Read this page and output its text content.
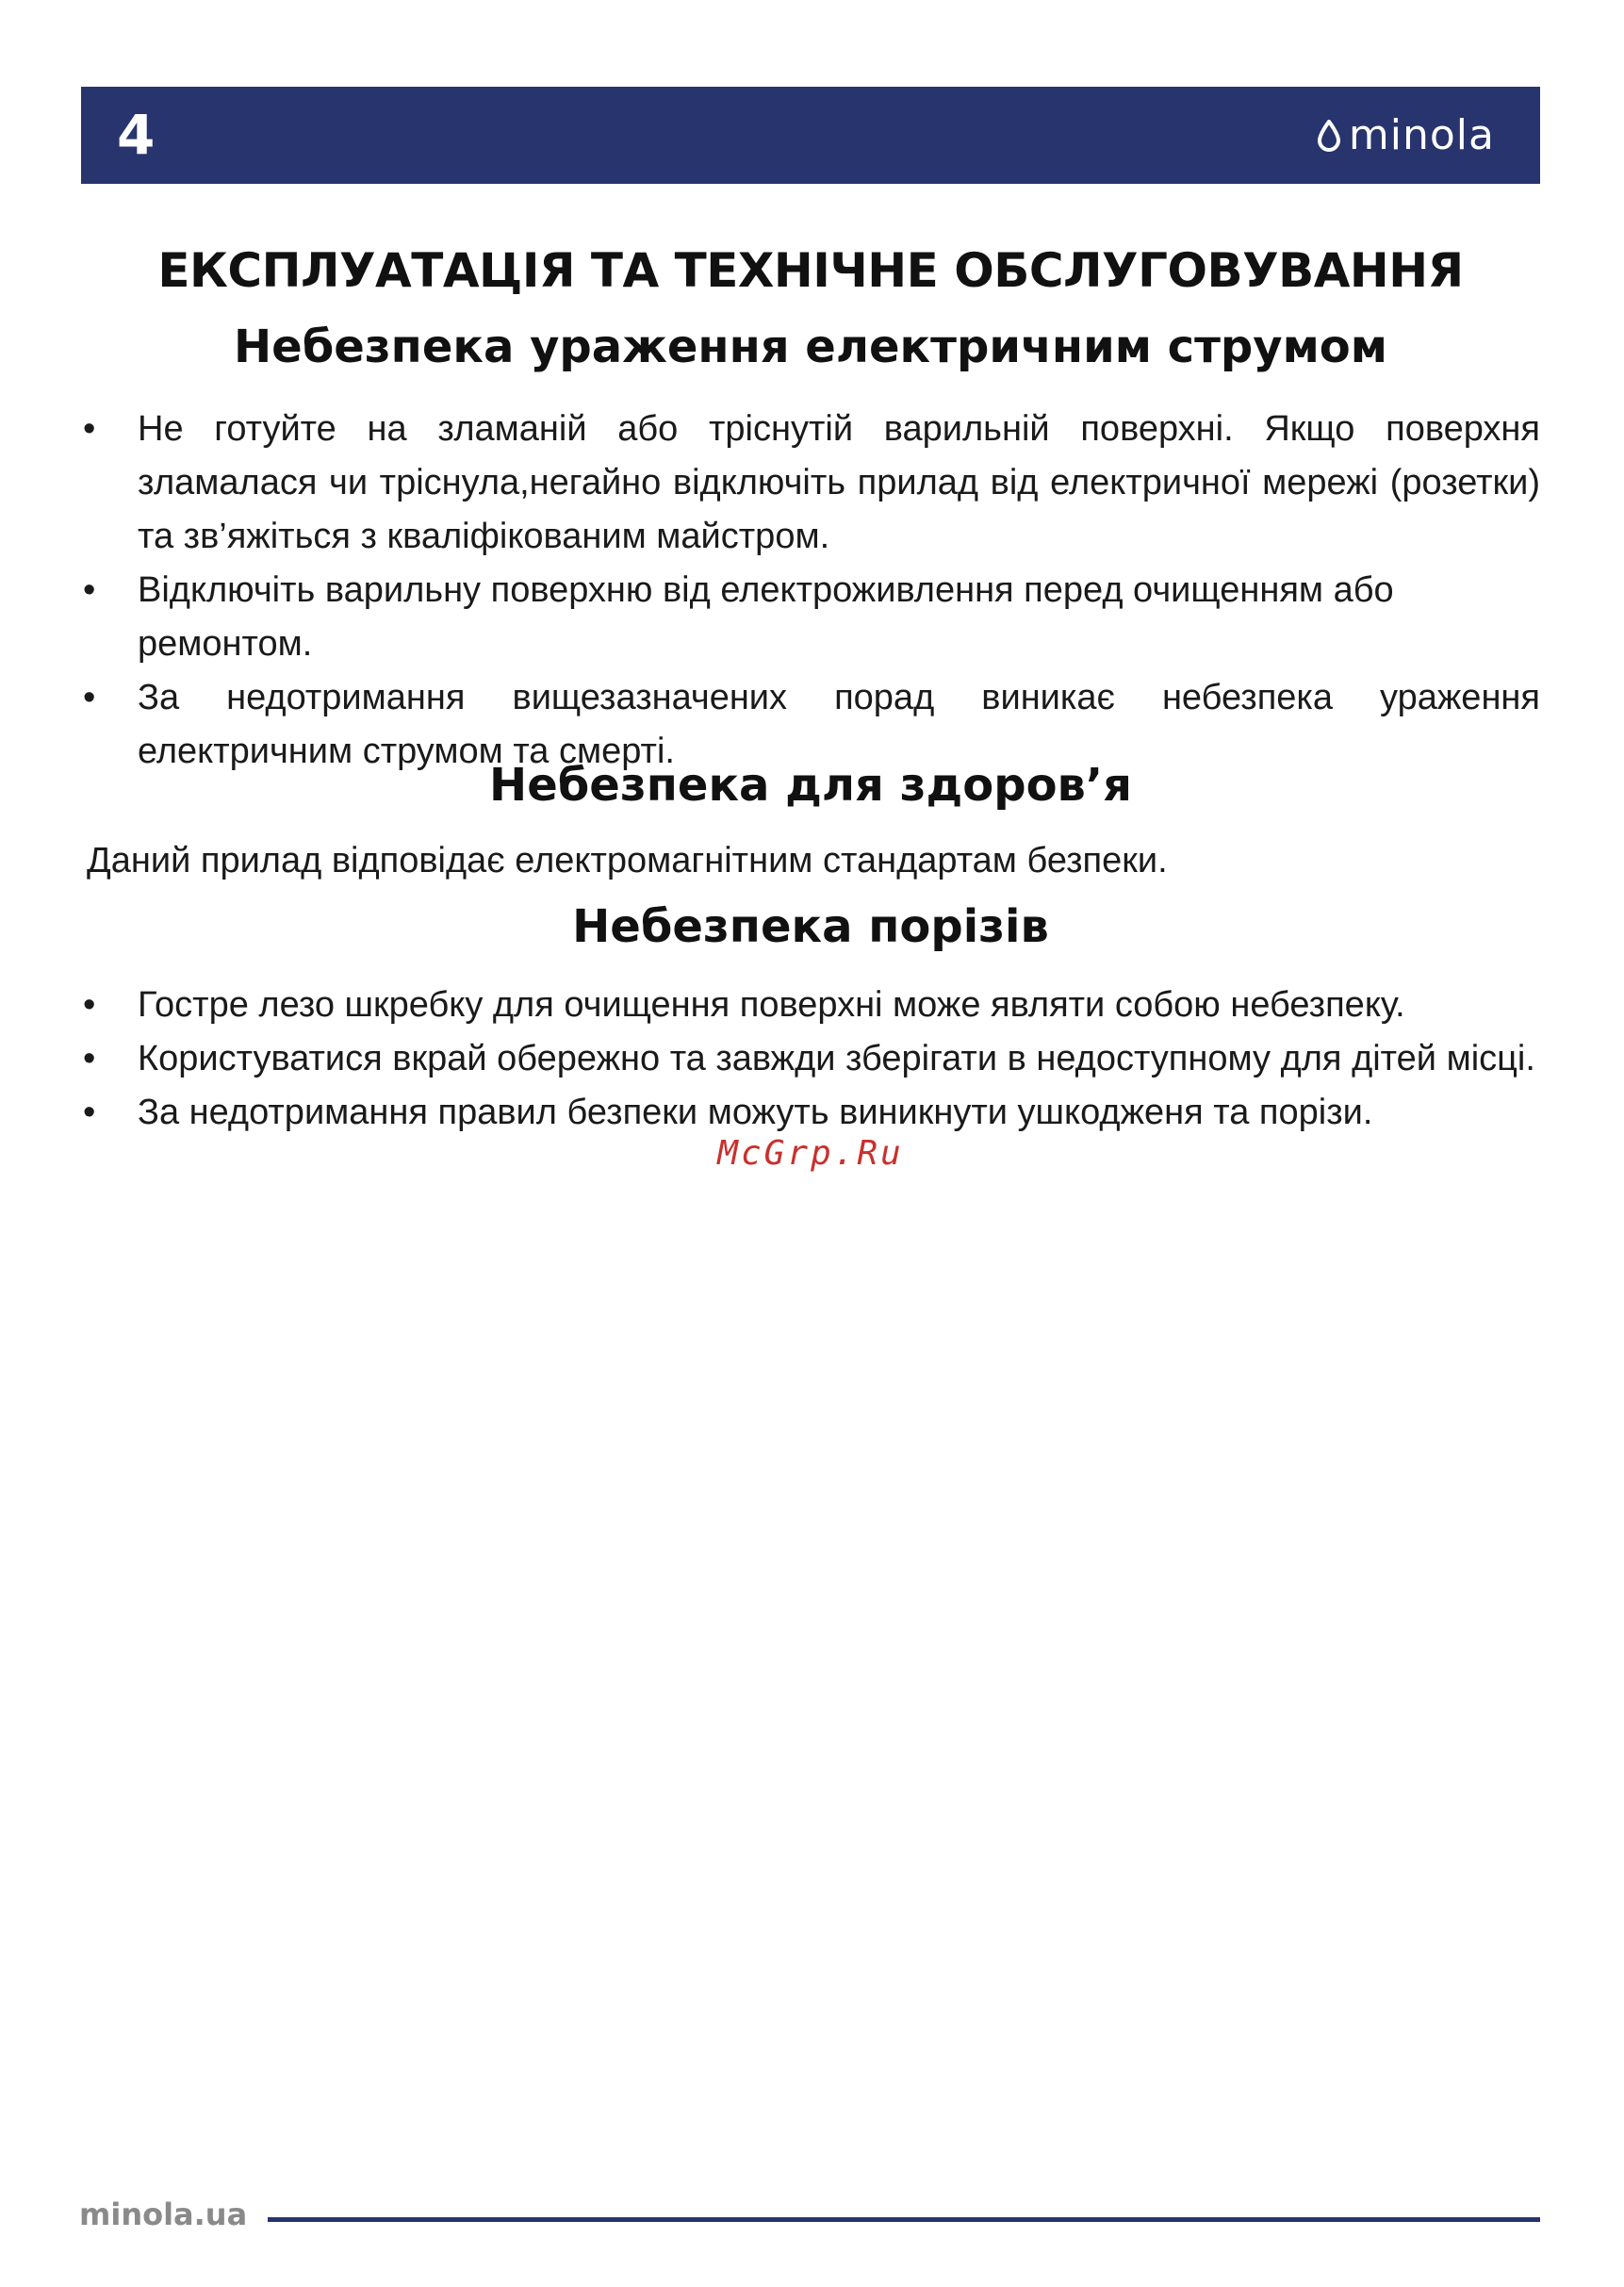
4	minola
ЕКСПЛУАТАЦІЯ ТА ТЕХНІЧНЕ ОБСЛУГОВУВАННЯ
Небезпека ураження електричним струмом
• Не готуйте на зламаній або тріснутій варильній поверхні. Якщо поверхня зламалася чи тріснула,негайно відключіть прилад від електричної мережі (розетки) та зв’яжіться з кваліфікованим майстром.
• Відключіть варильну поверхню від електроживлення перед очищенням або ремонтом.
• За недотримання вищезазначених порад виникає небезпека ураження електричним струмом та смерті.
Небезпека для здоров’я

Даний прилад відповідає електромагнітним стандартам безпеки.

Небезпека порізів
• Гостре лезо шкребку для очищення поверхні може являти собою небезпеку.
• Користуватися вкрай обережно та завжди зберігати в недоступному для дітей місці.
• За недотримання правил безпеки можуть виникнути ушкодженя та порізи.
McGrp.Ru
minola.ua
